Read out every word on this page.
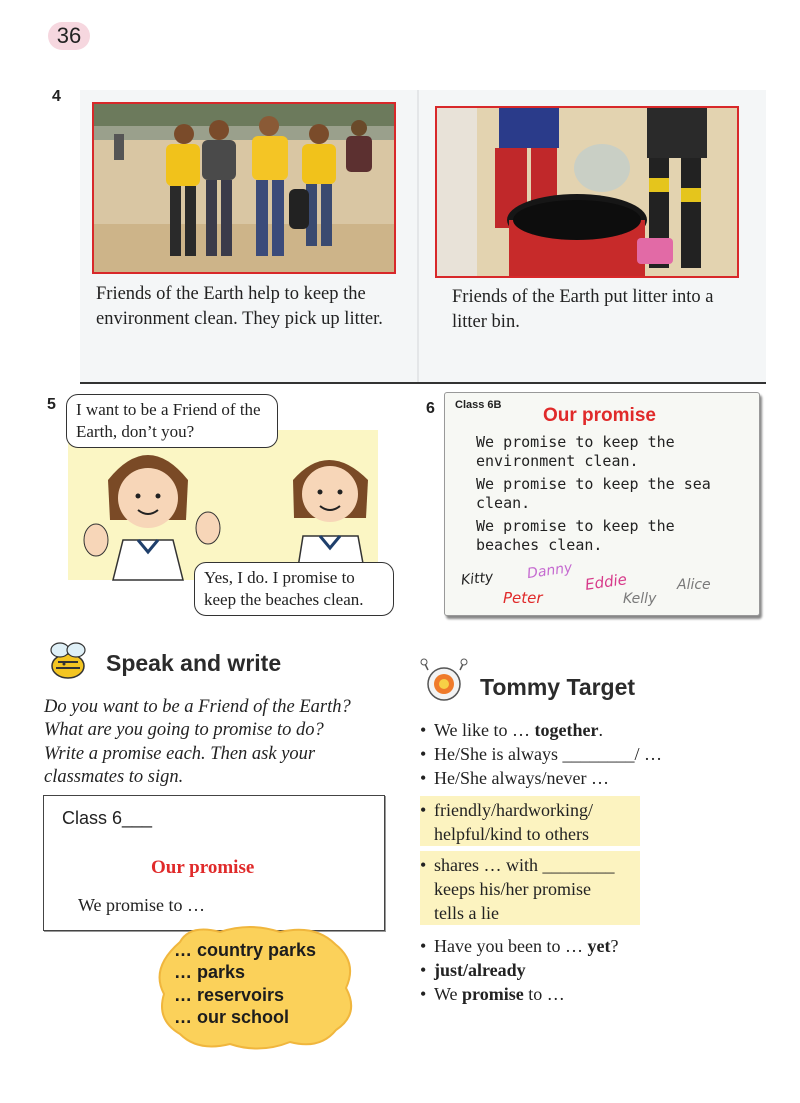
36
4
Friends of the Earth help to keep the environment clean. They pick up litter.
Friends of the Earth put litter into a litter bin.
5	I want to be a Friend of the Earth, don’t you?
Yes, I do. I promise to keep the beaches clean.
6 Class 6B Our promise
We promise to keep the environment clean.
We promise to keep the sea clean.
We promise to keep the beaches clean.
Kitty Danny Eddie	Alice
Peter	Kelly
Speak and write
Do you want to be a Friend of the Earth?
What are you going to promise to do?
Write a promise each. Then ask your
classmates to sign.
Class 6___
Our promise
We promise to …
… country parks
… parks
… reservoirs
… our school
Tommy Target
• We like to … together.
• He/She is always ________/ …
• He/She always/never …
• friendly/hardworking/
helpful/kind to others
• shares … with ________
keeps his/her promise
tells a lie
• Have you been to … yet?
• just/already
• We promise to …
